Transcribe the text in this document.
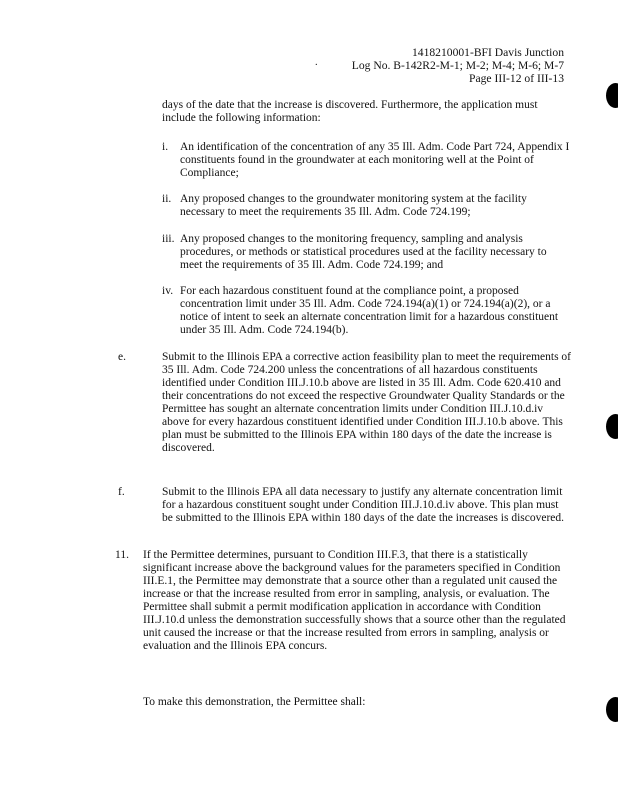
1418210001-BFI Davis Junction
Log No. B-142R2-M-1; M-2; M-4; M-6; M-7
Page III-12 of III-13
·
days of the date that the increase is discovered. Furthermore, the application must include the following information:
i.	An identification of the concentration of any 35 Ill. Adm. Code Part 724, Appendix I constituents found in the groundwater at each monitoring well at the Point of Compliance;
ii. Any proposed changes to the groundwater monitoring system at the facility necessary to meet the requirements 35 Ill. Adm. Code 724.199;
iii. Any proposed changes to the monitoring frequency, sampling and analysis procedures, or methods or statistical procedures used at the facility necessary to meet the requirements of 35 Ill. Adm. Code 724.199; and
iv. For each hazardous constituent found at the compliance point, a proposed concentration limit under 35 Ill. Adm. Code 724.194(a)(1) or 724.194(a)(2), or a notice of intent to seek an alternate concentration limit for a hazardous constituent under 35 Ill. Adm. Code 724.194(b).
e.	Submit to the Illinois EPA a corrective action feasibility plan to meet the requirements of 35 Ill. Adm. Code 724.200 unless the concentrations of all hazardous constituents identified under Condition III.J.10.b above are listed in 35 Ill. Adm. Code 620.410 and their concentrations do not exceed the respective Groundwater Quality Standards or the Permittee has sought an alternate concentration limits under Condition III.J.10.d.iv above for every hazardous constituent identified under Condition III.J.10.b above. This plan must be submitted to the Illinois EPA within 180 days of the date the increase is discovered.
f.	Submit to the Illinois EPA all data necessary to justify any alternate concentration limit for a hazardous constituent sought under Condition III.J.10.d.iv above. This plan must be submitted to the Illinois EPA within 180 days of the date the increases is discovered.
11.	If the Permittee determines, pursuant to Condition III.F.3, that there is a statistically significant increase above the background values for the parameters specified in Condition III.E.1, the Permittee may demonstrate that a source other than a regulated unit caused the increase or that the increase resulted from error in sampling, analysis, or evaluation. The Permittee shall submit a permit modification application in accordance with Condition III.J.10.d unless the demonstration successfully shows that a source other than the regulated unit caused the increase or that the increase resulted from errors in sampling, analysis or evaluation and the Illinois EPA concurs.
To make this demonstration, the Permittee shall:
